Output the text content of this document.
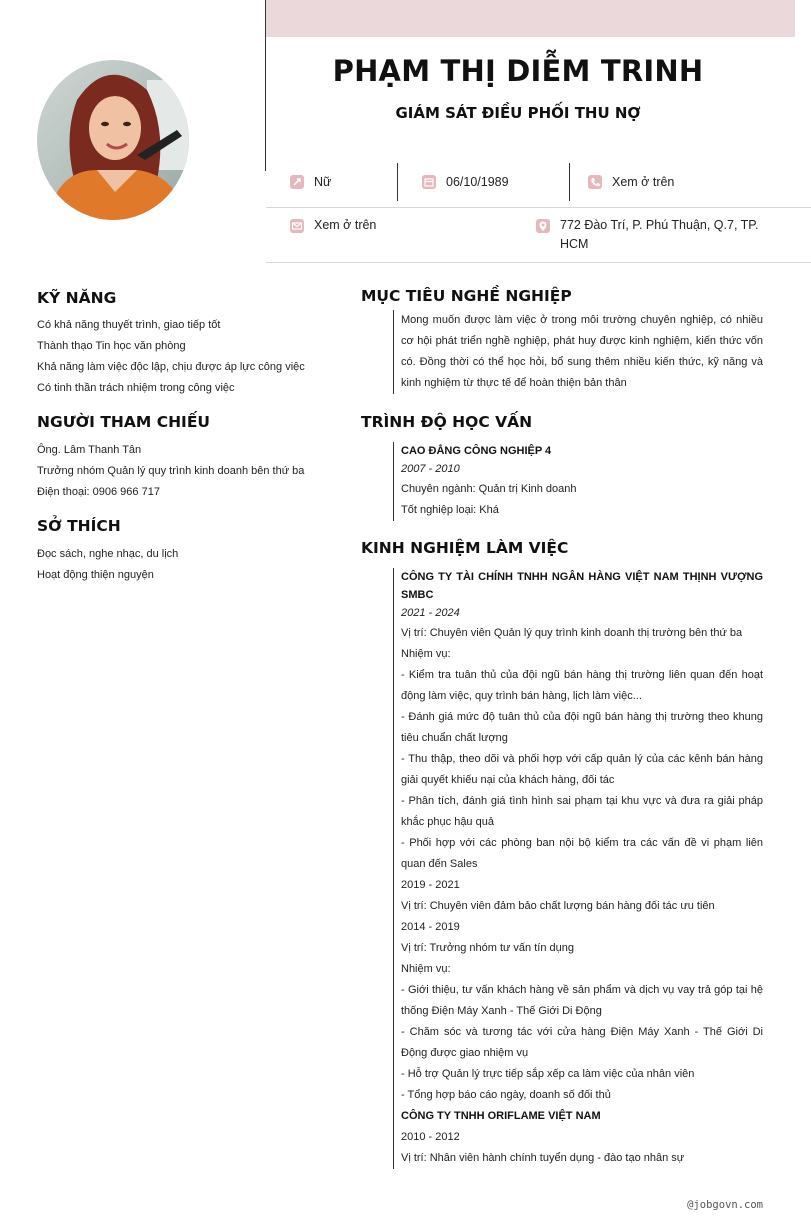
PHẠM THỊ DIỄM TRINH
GIÁM SÁT ĐIỀU PHỐI THU NỢ
Nữ	06/10/1989	Xem ở trên
Xem ở trên	772 Đào Trí, P. Phú Thuận, Q.7, TP. HCM
KỸ NĂNG
Có khả năng thuyết trình, giao tiếp tốt
Thành thạo Tin học văn phòng
Khả năng làm việc độc lập, chịu được áp lực công việc
Có tinh thần trách nhiệm trong công việc
NGƯỜI THAM CHIẾU
Ông. Lâm Thanh Tân
Trưởng nhóm Quản lý quy trình kinh doanh bên thứ ba
Điện thoại: 0906 966 717
SỞ THÍCH
Đọc sách, nghe nhạc, du lịch
Hoạt động thiện nguyện
MỤC TIÊU NGHỀ NGHIỆP
Mong muốn được làm việc ở trong môi trường chuyên nghiệp, có nhiều cơ hội phát triển nghề nghiệp, phát huy được kinh nghiệm, kiến thức vốn có. Đồng thời có thể học hỏi, bổ sung thêm nhiều kiến thức, kỹ năng và kinh nghiệm từ thực tế để hoàn thiện bản thân
TRÌNH ĐỘ HỌC VẤN
CAO ĐẲNG CÔNG NGHIỆP 4
2007 - 2010
Chuyên ngành: Quản trị Kinh doanh
Tốt nghiệp loại: Khá
KINH NGHIỆM LÀM VIỆC
CÔNG TY TÀI CHÍNH TNHH NGÂN HÀNG VIỆT NAM THỊNH VƯỢNG SMBC
2021 - 2024
Vị trí: Chuyên viên Quản lý quy trình kinh doanh thị trường bên thứ ba
Nhiệm vụ:
- Kiểm tra tuân thủ của đội ngũ bán hàng thị trường liên quan đến hoạt động làm việc, quy trình bán hàng, lịch làm việc...
- Đánh giá mức độ tuân thủ của đội ngũ bán hàng thị trường theo khung tiêu chuẩn chất lượng
- Thu thập, theo dõi và phối hợp với cấp quản lý của các kênh bán hàng giải quyết khiếu nại của khách hàng, đối tác
- Phân tích, đánh giá tình hình sai phạm tại khu vực và đưa ra giải pháp khắc phục hậu quả
- Phối hợp với các phòng ban nội bộ kiểm tra các vấn đề vi phạm liên quan đến Sales
2019 - 2021
Vị trí: Chuyên viên đảm bảo chất lượng bán hàng đối tác ưu tiên
2014 - 2019
Vị trí: Trưởng nhóm tư vấn tín dụng
Nhiệm vụ:
- Giới thiệu, tư vấn khách hàng về sản phẩm và dịch vụ vay trả góp tại hệ thống Điện Máy Xanh - Thế Giới Di Động
- Chăm sóc và tương tác với cửa hàng Điện Máy Xanh - Thế Giới Di Động được giao nhiệm vụ
- Hỗ trợ Quản lý trực tiếp sắp xếp ca làm việc của nhân viên
- Tổng hợp báo cáo ngày, doanh số đối thủ
CÔNG TY TNHH ORIFLAME VIỆT NAM
2010 - 2012
Vị trí: Nhân viên hành chính tuyển dụng - đào tạo nhân sự
@jobgovn.com
